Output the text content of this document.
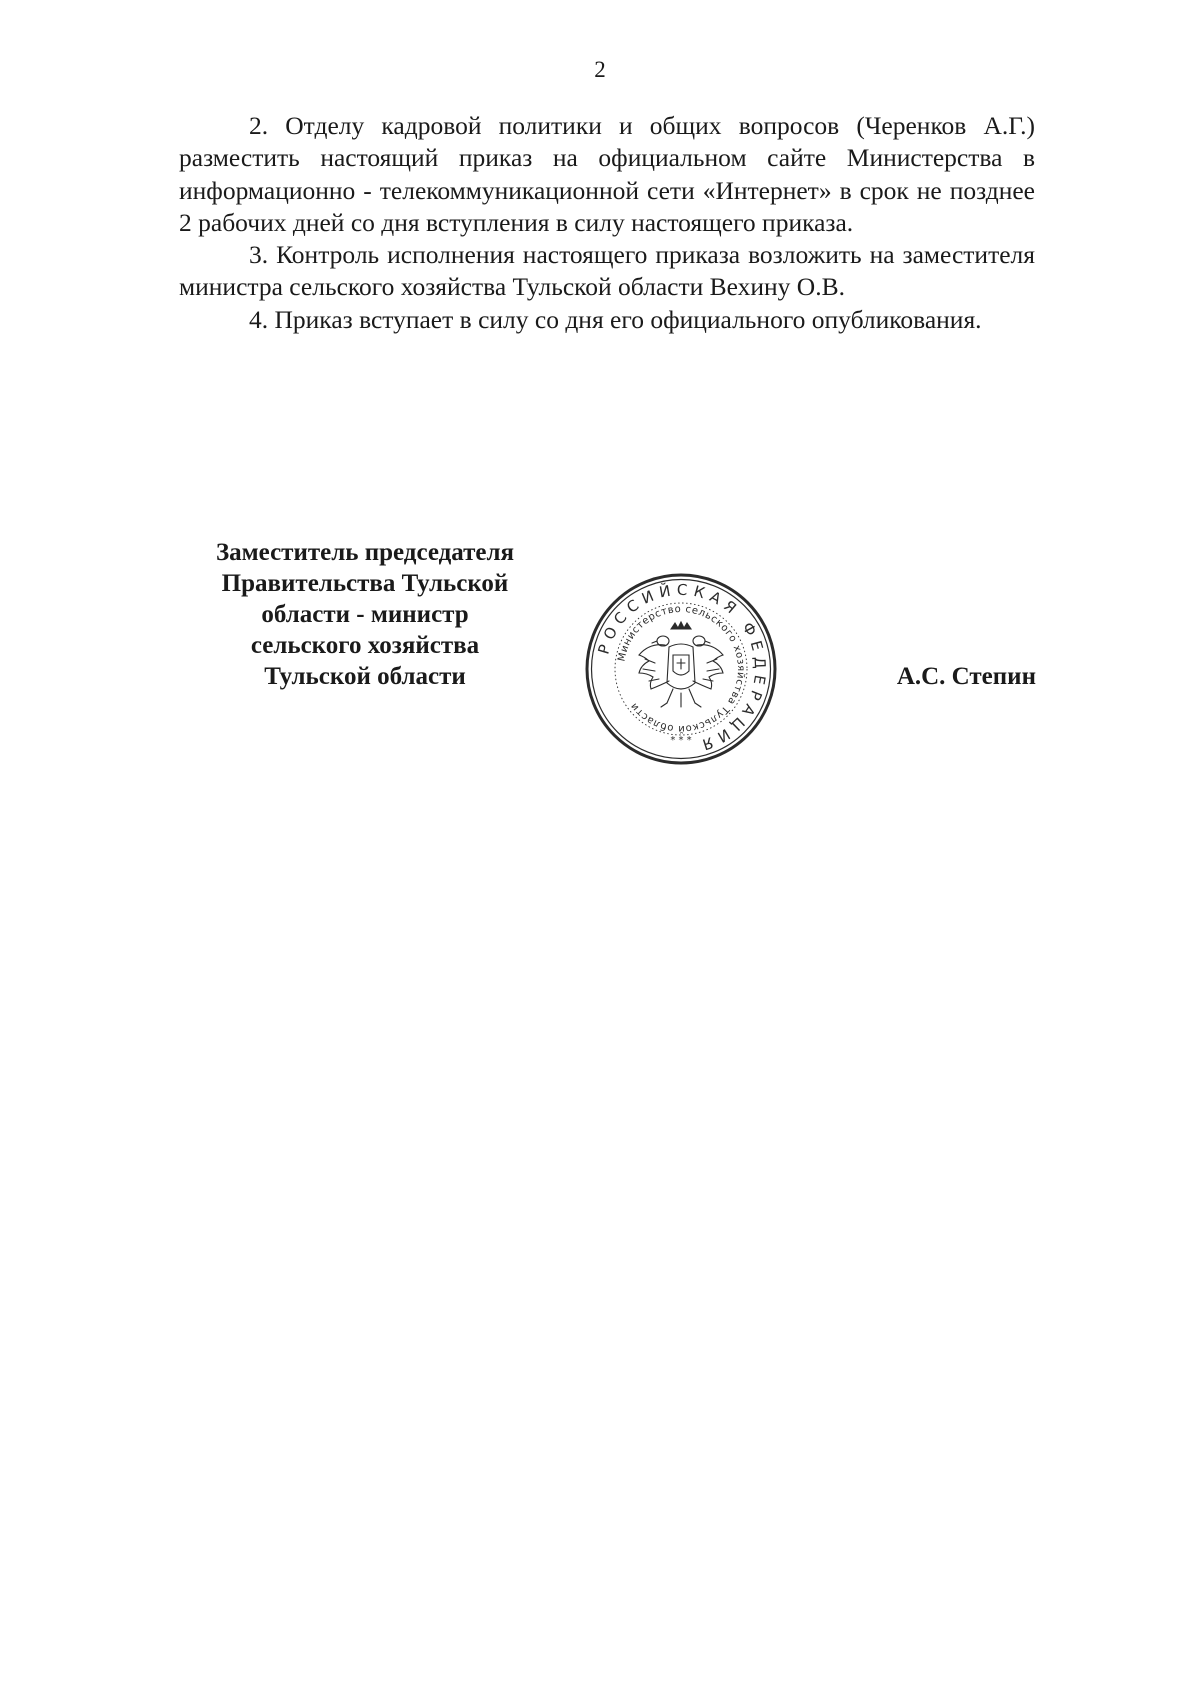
2

2. Отделу кадровой политики и общих вопросов (Черенков А.Г.) разместить настоящий приказ на официальном сайте Министерства в информационно - телекоммуникационной сети «Интернет» в срок не позднее 2 рабочих дней со дня вступления в силу настоящего приказа.

3. Контроль исполнения настоящего приказа возложить на заместителя министра сельского хозяйства Тульской области Вехину О.В.

4. Приказ вступает в силу со дня его официального опубликования.

Заместитель председателя
Правительства Тульской
области - министр
сельского хозяйства
Тульской области	А.С. Степин
РОССИЙСКАЯ ФЕДЕРАЦИЯ
Министерство сельского хозяйства Тульской области
* * *
